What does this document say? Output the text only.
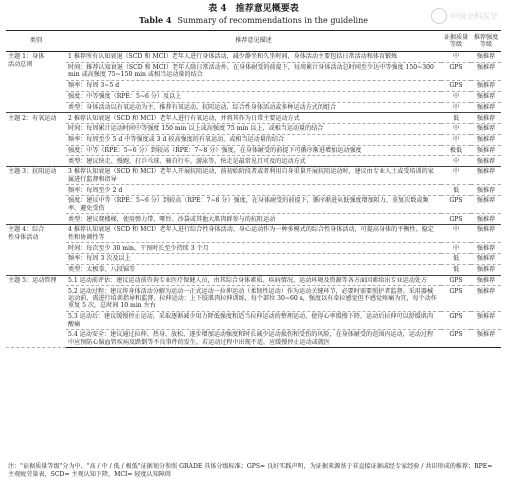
中国全科医学
表 4　推荐意见概要表
Table 4 Summary of recommendations in the guideline
类别	推荐意见描述	证据质量等级	推荐强度等级
主题 1：身体
活动总则	1 推荐所有认知衰退（SCD 和 MCI）老年人进行身体活动，减少静坐和久坐时间，身体活动主要包括日常活动和体育锻炼	中	强推荐
	时间：推荐认知衰退（SCD 和 MCI）老年人除日常活动外，在身体耐受的前提下，每周累计身体活动总时间至少达中等强度 150~300 min 或高强度 75~150 min 或相当运动量的结合	GPS	强推荐
	频率：每周 3~5 d	GPS	强推荐
	强度：中等强度（RPE：5~6 分）及以上	中	强推荐
	类型：身体活动以有氧运动为主，推荐有氧运动、抗阻运动、综合性身体活动或多种运动方式的组合	中	强推荐
主题 2：有氧运动	2 推荐认知衰退（SCD 和 MCI）老年人进行有氧运动，并将其作为日常主要运动方式	低	强推荐
	时间：每周累计运动时间中等强度 150 min 以上或高强度 75 min 以上，或相当运动量的结合	中	强推荐
	频率：每周至少 5 d 中等强度或 3 d 较高强度的有氧运动，或相当运动量的结合	中	强推荐
	强度：中等（RPE：5~6 分）到较高（RPE：7~8 分）强度，在身体耐受的前提下可循序渐进增加运动强度	极低	强推荐
	类型：建议快走、慢跑、打乒乓球、骑自行车、游泳等，快走是最常见且可及的运动方式	中	强推荐
主题 3：抗阻运动	3 推荐认知衰退（SCD 和 MCI）老年人开展抗阻运动，前初始阶段者或者利用自身重量开展抗阻运动时，建议由专业人士或受培训的家属进行监督和指导	中	强推荐
	频率：每周至少 2 d	低	强推荐
	强度：建议中等（RPE：5~6 分）到较高（RPE：7~8 分）强度，在身体耐受的前提下，循序渐进从低强度增加阻力、重复次数或频率，避免受伤	GPS	强推荐
	类型：建议爬楼梯，使用弹力带、哑铃、沙袋或其他大肌肉群参与的抗阻运动	GPS	强推荐
主题 4：综合
性身体活动	4 推荐认知衰退（SCD 和 MCI）老年人进行综合性身体活动、身心运动作为一种多模式的综合性身体活动，可提高身体的平衡性、稳定性和协调性等	中	强推荐
	时间：每次至少 30 min，干预时长至少持续 3 个月	中	强推荐
	频率：每周 3 次及以上	低	强推荐
	类型：太极拳、八段锦等	低	强推荐
主题 5：运动管理	5.1 运动前评估：建议运动前咨询专业医疗保健人员，由其综合身体素质、疾病情况、运动环境及资源等各方面因素给出专业运动处方	GPS	强推荐
	5.2 运动过程：建议将身体活动分解为运动一正式运动一拉伸运动（柔韧性运动）作为运动关键环节，必要时需要照护者监督。采用器械运动前，需进行培训指导和监督。拉伸运动：上下肢肌肉拉伸训练，每个部位 30~60 s，强度以有牵拉感觉但不感觉疼痛为宜，每个动作重复 5 次，总时间 10 min 左右	GPS	强推荐
	5.3 运动后：建议缓慢停止运动，采取逐渐减少用力降低强度和适当拉伸运动的整理运动，使得心率缓慢下降，运动后拉伸可以舒缓肌肉酸痛	GPS	强推荐
	5.4 运动安全：建议通过拉伸、热身、放松、逐步增加运动强度和时长减少运动损伤和受伤的风险，在身体耐受的范围内运动，运动过程中应预防心脑血管疾病及跌倒等不良事件的发生，若运动过程中出现不适，应缓慢停止运动或就医	GPS	强推荐
注："证据质量等级"分为中、"高 / 中 / 低 / 极低"证据划分参照 GRADE 具体分级标准；GPS= 良好实践声明，为证据来源基于非直接证据或经专家经验 / 共识形成的推荐；RPE= 主观疲劳量表，SCD= 主观认知下降，MCI= 轻度认知障碍
